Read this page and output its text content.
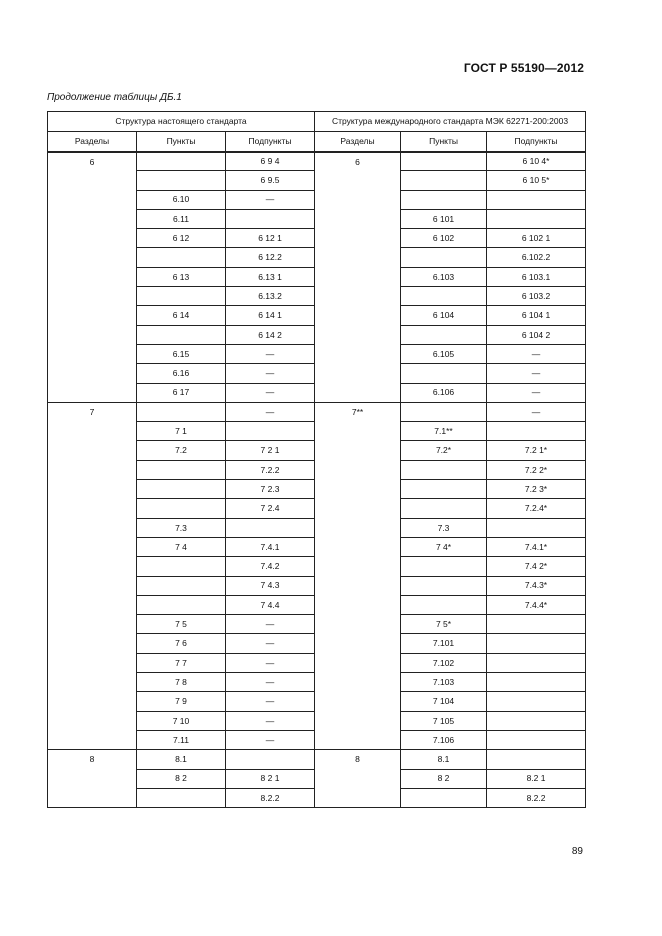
ГОСТ Р 55190—2012
Продолжение таблицы ДБ.1
Структура настоящего стандарта			Структура международного стандарта МЭК 62271-200:2003		
Разделы	Пункты	Подпункты	Разделы	Пункты	Подпункты
6		6 9 4	6		6 10 4*
		6 9.5			6 10 5*
	6.10	—			
	6.11			6 101	
	6 12	6 12 1		6 102	6 102 1
		6 12.2			6.102.2
	6 13	6.13 1		6.103	6 103.1
		6.13.2			6 103.2
	6 14	6 14 1		6 104	6 104 1
		6 14 2			6 104 2
	6.15	—		6.105	—
	6.16	—			—
	6 17	—		6.106	—
7		—	7**		—
	7 1			7.1**	
	7.2	7 2 1		7.2*	7.2 1*
		7.2.2			7.2 2*
		7 2.3			7.2 3*
		7 2.4			7.2.4*
	7.3			7.3	
	7 4	7.4.1		7 4*	7.4.1*
		7.4.2			7.4 2*
		7 4.3			7.4.3*
		7 4.4			7.4.4*
	7 5	—		7 5*	
	7 6	—		7.101	
	7 7	—		7.102	
	7 8	—		7.103	
	7 9	—		7 104	
	7 10	—		7 105	
	7.11	—		7.106	
8	8.1		8	8.1	
	8 2	8 2 1		8 2	8.2 1
		8.2.2			8.2.2
89
